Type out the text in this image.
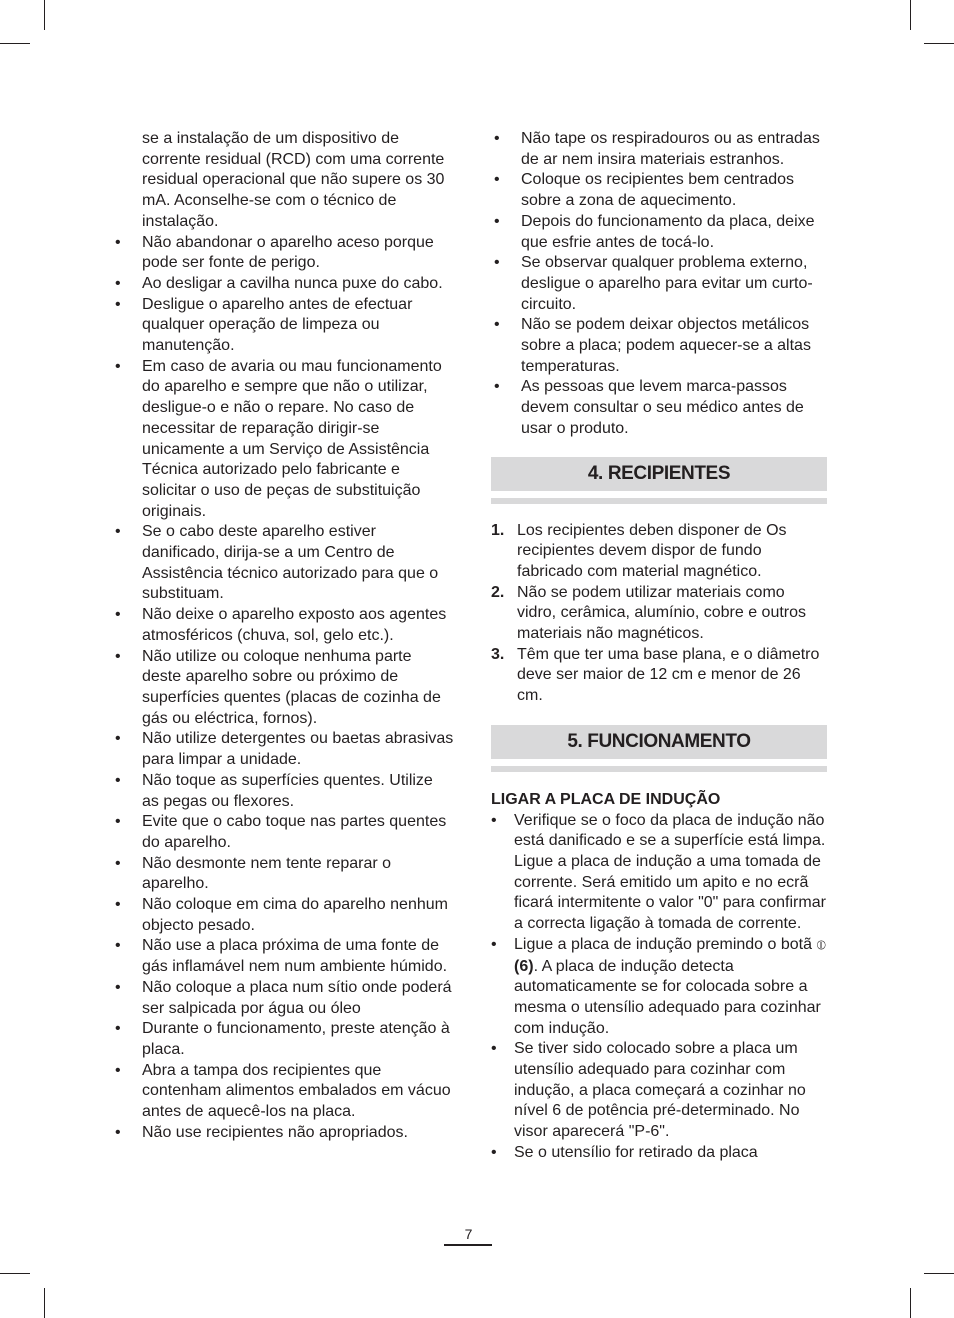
se a instalação de um dispositivo de corrente residual (RCD) com uma corrente residual operacional que não supere os 30 mA. Aconselhe-se com o técnico de instalação.
• Não abandonar o aparelho aceso porque pode ser fonte de perigo.
• Ao desligar a cavilha nunca puxe do cabo.
• Desligue o aparelho antes de efectuar qualquer operação de limpeza ou manutenção.
• Em caso de avaria ou mau funcionamento do aparelho e sempre que não o utilizar, desligue-o e não o repare. No caso de necessitar de reparação dirigir-se unicamente a um Serviço de Assistência Técnica autorizado pelo fabricante e solicitar o uso de peças de substituição originais.
• Se o cabo deste aparelho estiver danificado, dirija-se a um Centro de Assistência técnico autorizado para que o substituam.
• Não deixe o aparelho exposto aos agentes atmosféricos (chuva, sol, gelo etc.).
• Não utilize ou coloque nenhuma parte deste aparelho sobre ou próximo de superfícies quentes (placas de cozinha de gás ou eléctrica, fornos).
• Não utilize detergentes ou baetas abrasivas para limpar a unidade.
• Não toque as superfícies quentes. Utilize as pegas ou flexores.
• Evite que o cabo toque nas partes quentes do aparelho.
• Não desmonte nem tente reparar o aparelho.
• Não coloque em cima do aparelho nenhum objecto pesado.
• Não use a placa próxima de uma fonte de gás inflamável nem num ambiente húmido.
• Não coloque a placa num sítio onde poderá ser salpicada por água ou óleo
• Durante o funcionamento, preste atenção à placa.
• Abra a tampa dos recipientes que contenham alimentos embalados em vácuo antes de aquecê-los na placa.
• Não use recipientes não apropriados.
• Não tape os respiradouros ou as entradas de ar nem insira materiais estranhos.
• Coloque os recipientes bem centrados sobre a zona de aquecimento.
• Depois do funcionamento da placa, deixe que esfrie antes de tocá-lo.
• Se observar qualquer problema externo, desligue o aparelho para evitar um curto-circuito.
• Não se podem deixar objectos metálicos sobre a placa; podem aquecer-se a altas temperaturas.
• As pessoas que levem marca-passos devem consultar o seu médico antes de usar o produto.
4. RECIPIENTES
1. Los recipientes deben disponer de Os recipientes devem dispor de fundo fabricado com material magnético.
2. Não se podem utilizar materiais como vidro, cerâmica, alumínio, cobre e outros materiais não magnéticos.
3. Têm que ter uma base plana, e o diâmetro deve ser maior de 12 cm e menor de 26 cm.
5. FUNCIONAMENTO
LIGAR A PLACA DE INDUÇÃO
• Verifique se o foco da placa de indução não está danificado e se a superfície está limpa. Ligue a placa de indução a uma tomada de corrente. Será emitido um apito e no ecrã ficará intermitente o valor "0" para confirmar a correcta ligação à tomada de corrente.
• Ligue a placa de indução premindo o botã ⦶ (6). A placa de indução detecta automaticamente se for colocada sobre a mesma o utensílio adequado para cozinhar com indução.
• Se tiver sido colocado sobre a placa um utensílio adequado para cozinhar com indução, a placa começará a cozinhar no nível 6 de potência pré-determinado. No visor aparecerá "P-6".
• Se o utensílio for retirado da placa
7
